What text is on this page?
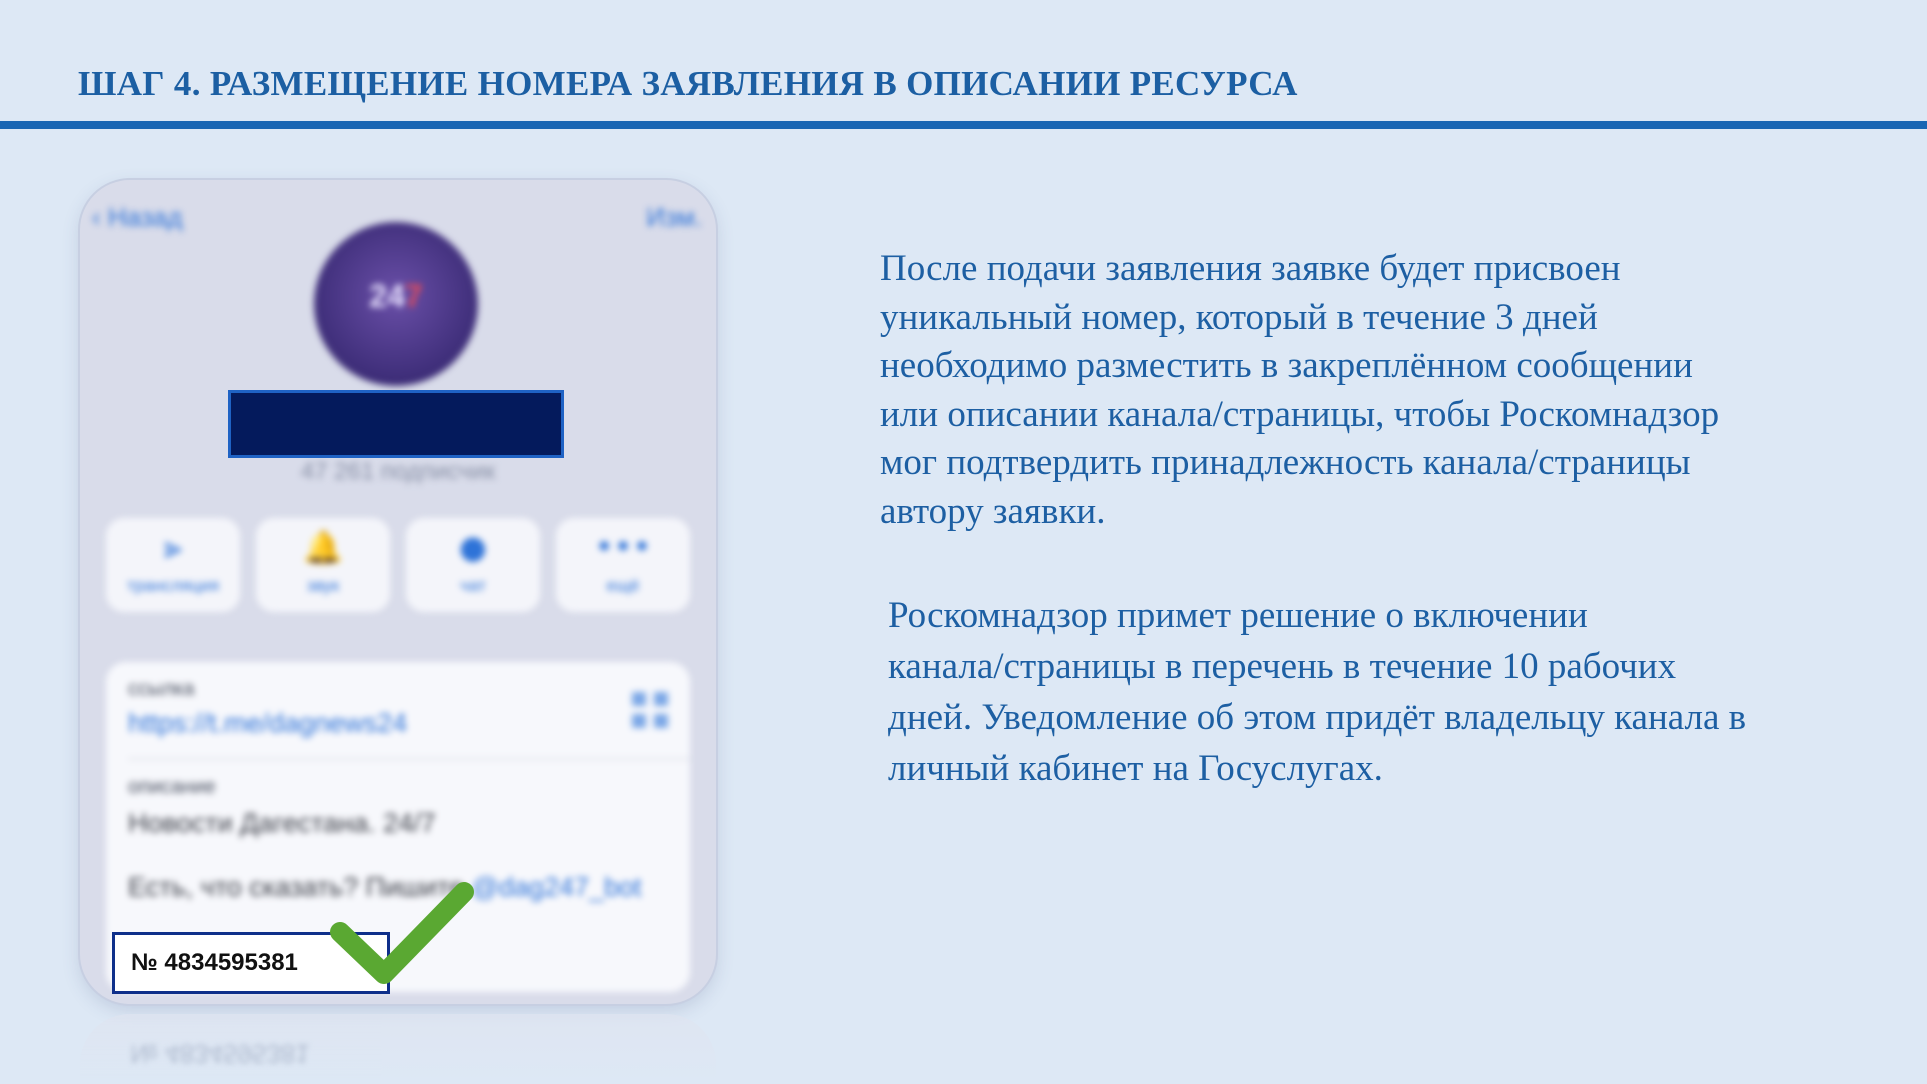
ШАГ 4. РАЗМЕЩЕНИЕ НОМЕРА ЗАЯВЛЕНИЯ В ОПИСАНИИ РЕСУРСА
‹ Назад	Изм.
247
47 261 подписчик
⫸
трансляция
🔔
звук
●
чат
•••
ещё
ссылка
https://t.me/dagnews24
описание
Новости Дагестана. 24/7
Есть, что сказать? Пишите @dag247_bot
№ 4834595381
№ 4834595381
После подачи заявления заявке будет присвоен
уникальный номер, который в течение 3 дней
необходимо разместить в закреплённом сообщении
или описании канала/страницы, чтобы Роскомнадзор
мог подтвердить принадлежность канала/страницы
автору заявки.
Роскомнадзор примет решение о включении
канала/страницы в перечень в течение 10 рабочих
дней. Уведомление об этом придёт владельцу канала в
личный кабинет на Госуслугах.
